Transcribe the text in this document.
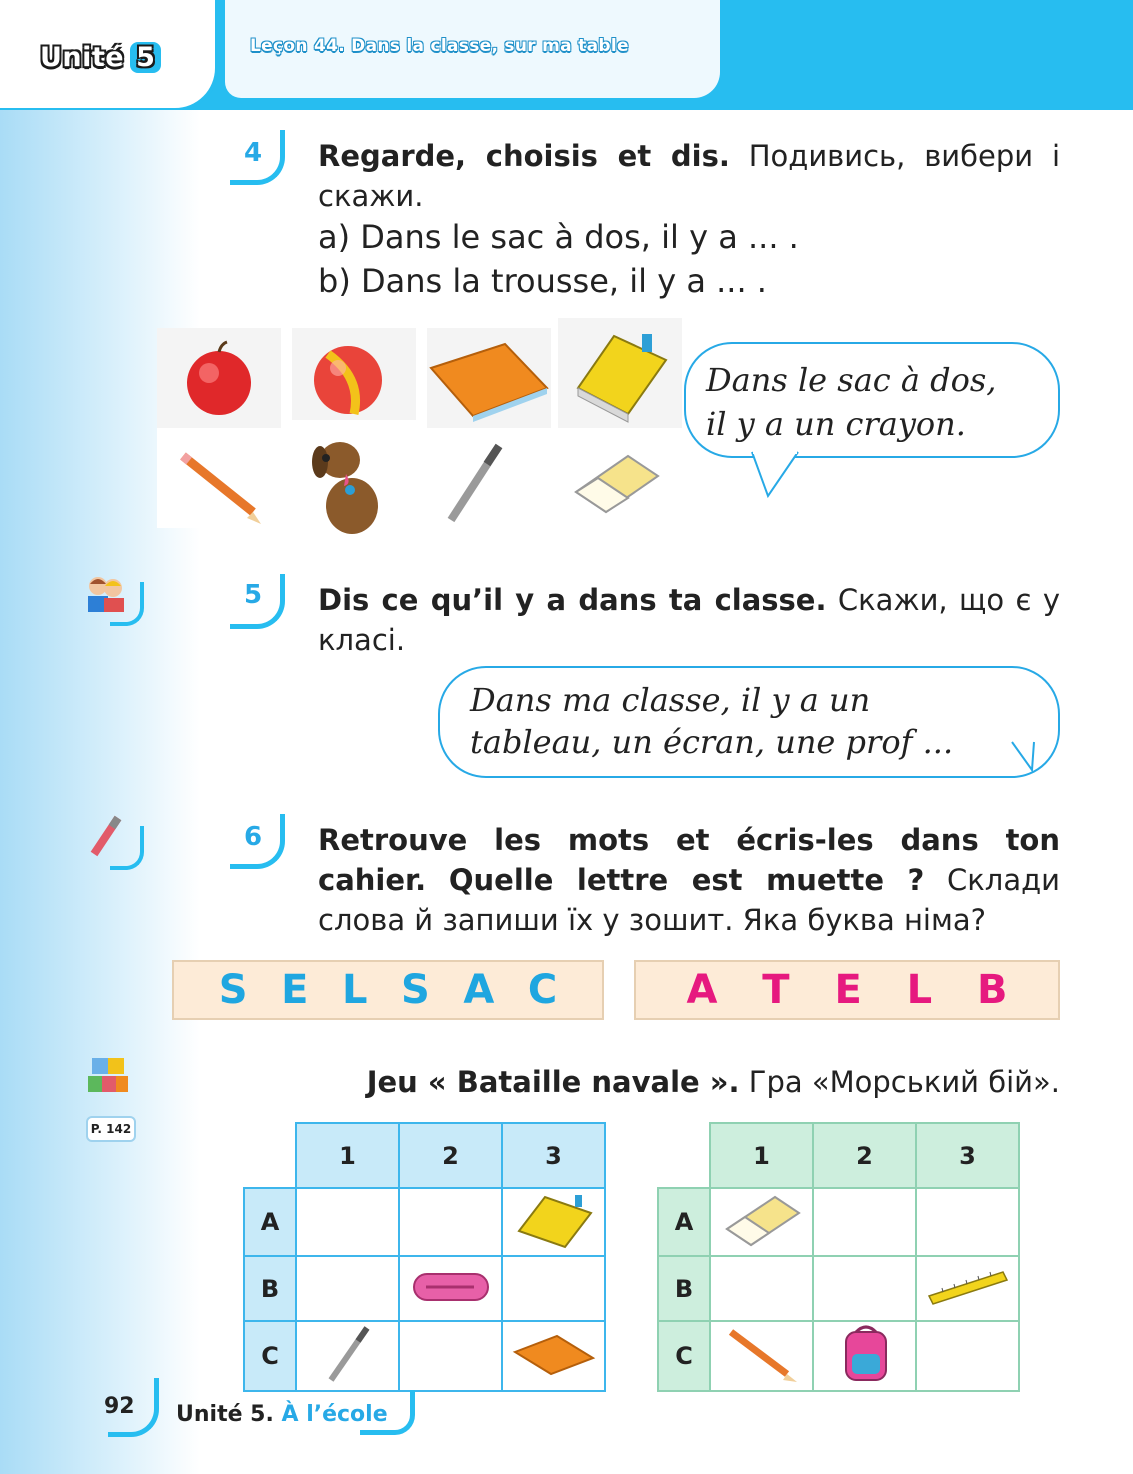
Unité 5	Leçon 44. Dans la classe, sur ma table
4 Regarde, choisis et dis. Подивись, вибери і скажи.
a) Dans le sac à dos, il y a ... .
b) Dans la trousse, il y a ... .
Dans le sac à dos,
il y a un crayon.
5 Dis ce qu’il y a dans ta classe. Скажи, що є у класі.
Dans ma classe, il y a un
tableau, un écran, une prof ...
6 Retrouve les mots et écris-les dans ton cahier. Quelle lettre est muette ? Склади слова й запиши їх у зошит. Яка буква німа?
S E L S A C	A T E L B
P. 142
Jeu « Bataille navale ». Гра «Морський бій».
	1	2	3
A			
B			
C			
	1	2	3
A			
B			
C			
92 Unité 5. À l’école
